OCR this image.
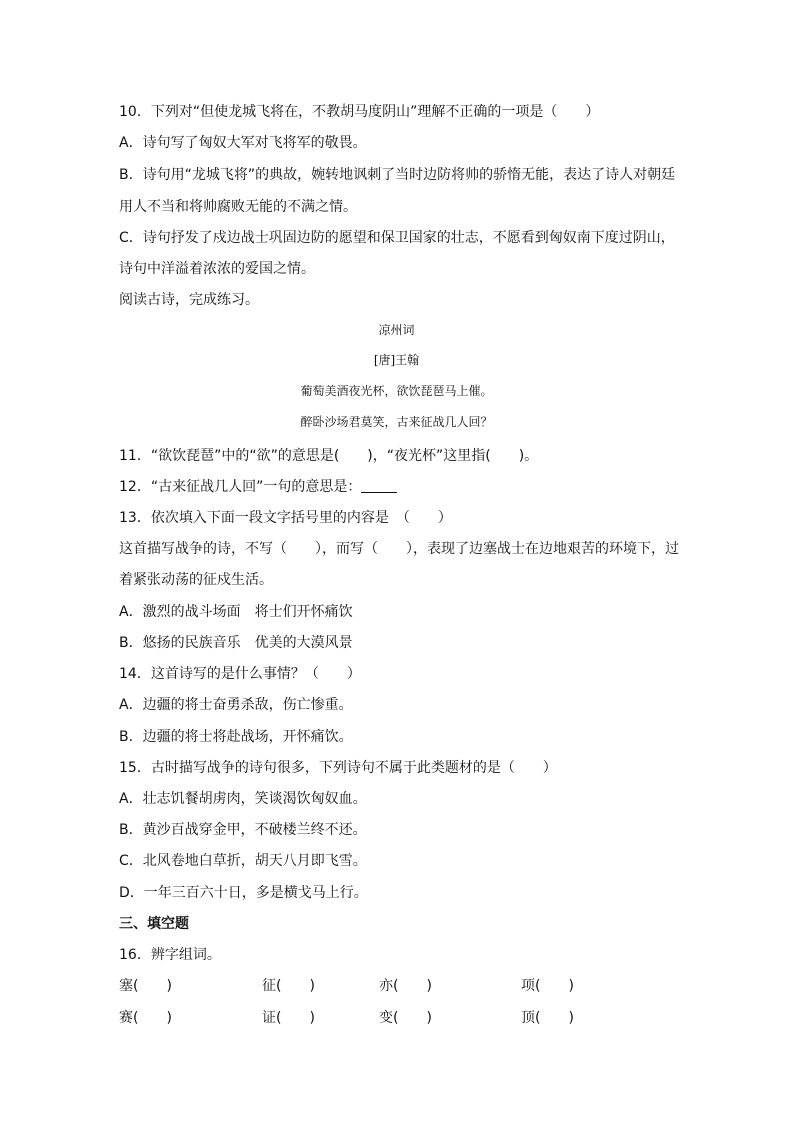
10．下列对“但使龙城飞将在，不教胡马度阴山”理解不正确的一项是（　　）
A．诗句写了匈奴大军对飞将军的敬畏。
B．诗句用“龙城飞将”的典故，婉转地讽刺了当时边防将帅的骄惰无能，表达了诗人对朝廷
用人不当和将帅腐败无能的不满之情。
C．诗句抒发了戍边战士巩固边防的愿望和保卫国家的壮志，不愿看到匈奴南下度过阴山，
诗句中洋溢着浓浓的爱国之情。
阅读古诗，完成练习。
凉州词
[唐]王翰
葡萄美酒夜光杯，欲饮琵琶马上催。
醉卧沙场君莫笑，古来征战几人回？
11．“欲饮琵琶”中的“欲”的意思是(　　)，“夜光杯”这里指(　　)。
12．“古来征战几人回”一句的意思是：
13．依次填入下面一段文字括号里的内容是　（　　）
这首描写战争的诗，不写（　　），而写（　　），表现了边塞战士在边地艰苦的环境下，过
着紧张动荡的征戍生活。
A．激烈的战斗场面　将士们开怀痛饮
B．悠扬的民族音乐　优美的大漠风景
14．这首诗写的是什么事情？（　　）
A．边疆的将士奋勇杀敌，伤亡惨重。
B．边疆的将士将赴战场，开怀痛饮。
15．古时描写战争的诗句很多，下列诗句不属于此类题材的是（　　）
A．壮志饥餐胡虏肉，笑谈渴饮匈奴血。
B．黄沙百战穿金甲，不破楼兰终不还。
C．北风卷地白草折，胡天八月即飞雪。
D．一年三百六十日，多是横戈马上行。
三、填空题
16．辨字组词。
塞(　　)	征(　　)	亦(　　)	项(　　)
赛(　　)	证(　　)	变(　　)	顶(　　)
